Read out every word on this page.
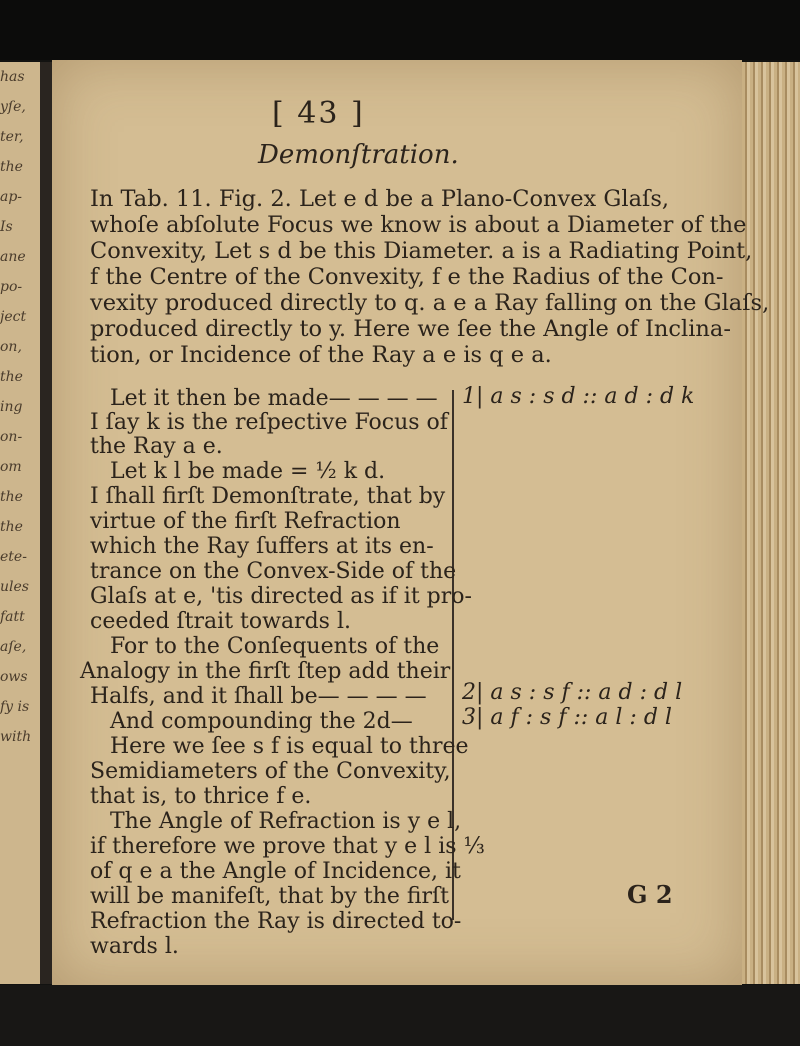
has
yſe,
ter,
the
ap-
Is
ane
po-
ject
on,
the
ing
on-
om
the
the
ete-
ules
fatt
aſe,
ows
fy is
with
[ 43 ]
Demonſtration.
In Tab. 11. Fig. 2. Let e d be a Plano-Convex Glaſs,
whoſe abſolute Focus we know is about a Diameter of the
Convexity, Let s d be this Diameter. a is a Radiating Point,
f the Centre of the Convexity, f e the Radius of the Con-
vexity produced directly to q. a e a Ray falling on the Glaſs,
produced directly to y. Here we ſee the Angle of Inclina-
tion, or Incidence of the Ray a e is q e a.
Let it then be made— — — —
I ſay k is the reſpective Focus of
the Ray a e.
Let k l be made = ½ k d.
I ſhall firſt Demonſtrate, that by
virtue of the firſt Refraction
which the Ray ſuffers at its en-
trance on the Convex-Side of the
Glaſs at e, 'tis directed as if it pro-
ceeded ſtrait towards l.
For to the Conſequents of the
Analogy in the firſt ſtep add their
Halfs, and it ſhall be— — — —
And compounding the 2d—
Here we ſee s f is equal to three
Semidiameters of the Convexity,
that is, to thrice f e.
The Angle of Refraction is y e l,
if therefore we prove that y e l is ⅓
of q e a the Angle of Incidence, it
will be manifeſt, that by the firſt
Refraction the Ray is directed to-
wards l.
1| a s : s d :: a d : d k
2| a s : s f :: a d : d l
3| a f : s f :: a l : d l
G 2
